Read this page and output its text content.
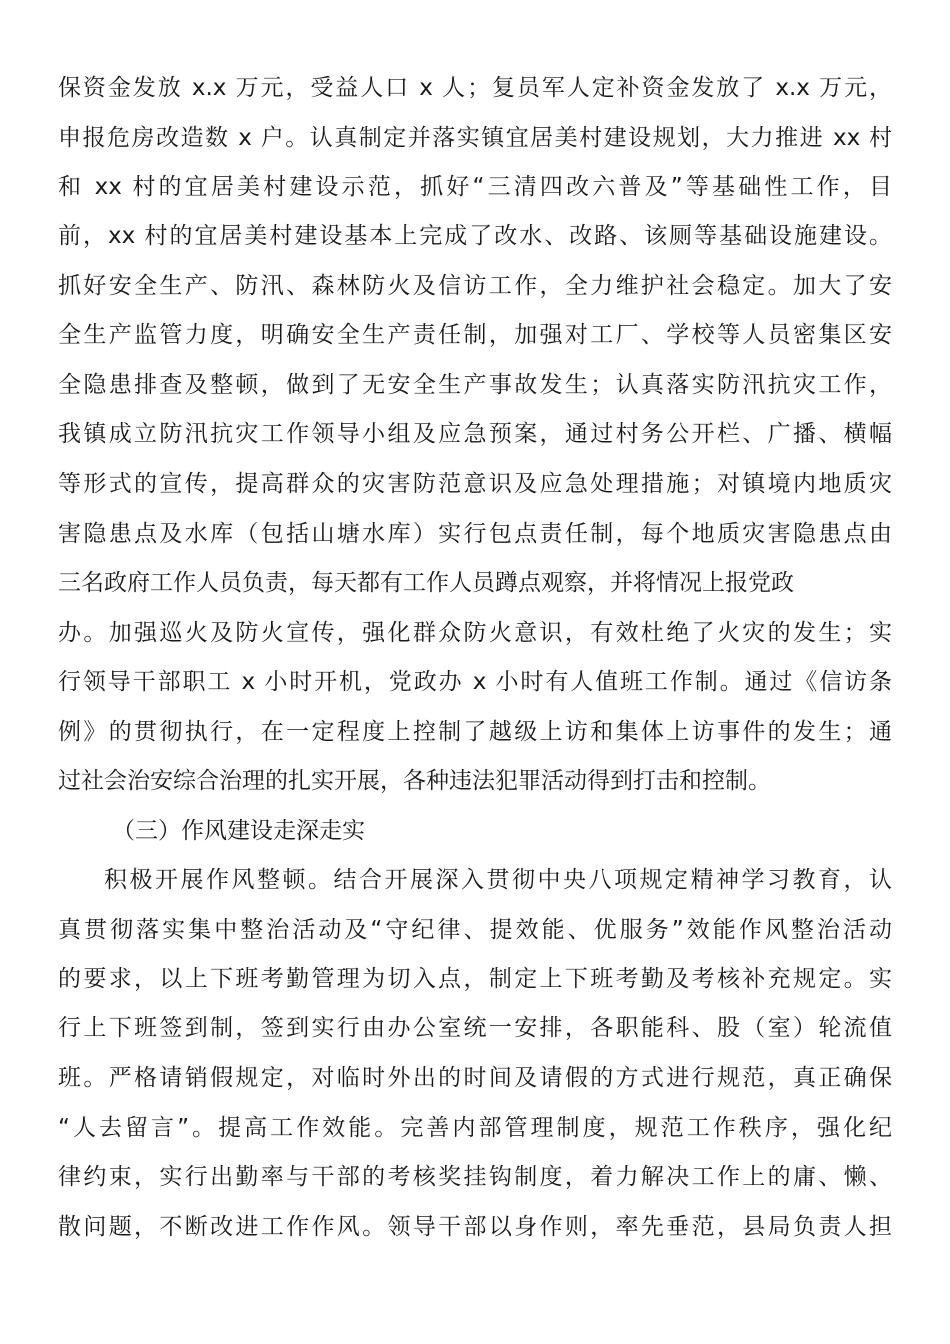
保资金发放 x.x 万元，受益人口 x 人；复员军人定补资金发放了 x.x 万元，
申报危房改造数 x 户。认真制定并落实镇宜居美村建设规划，大力推进 xx 村
和 xx 村的宜居美村建设示范，抓好“三清四改六普及”等基础性工作，目
前，xx 村的宜居美村建设基本上完成了改水、改路、该厕等基础设施建设。
抓好安全生产、防汛、森林防火及信访工作，全力维护社会稳定。加大了安
全生产监管力度，明确安全生产责任制，加强对工厂、学校等人员密集区安
全隐患排查及整顿，做到了无安全生产事故发生；认真落实防汛抗灾工作，
我镇成立防汛抗灾工作领导小组及应急预案，通过村务公开栏、广播、横幅
等形式的宣传，提高群众的灾害防范意识及应急处理措施；对镇境内地质灾
害隐患点及水库（包括山塘水库）实行包点责任制，每个地质灾害隐患点由
三名政府工作人员负责，每天都有工作人员蹲点观察，并将情况上报党政
办。加强巡火及防火宣传，强化群众防火意识，有效杜绝了火灾的发生；实
行领导干部职工 x 小时开机，党政办 x 小时有人值班工作制。通过《信访条
例》的贯彻执行，在一定程度上控制了越级上访和集体上访事件的发生；通
过社会治安综合治理的扎实开展，各种违法犯罪活动得到打击和控制。
（三）作风建设走深走实
积极开展作风整顿。结合开展深入贯彻中央八项规定精神学习教育，认
真贯彻落实集中整治活动及“守纪律、提效能、优服务”效能作风整治活动
的要求，以上下班考勤管理为切入点，制定上下班考勤及考核补充规定。实
行上下班签到制，签到实行由办公室统一安排，各职能科、股（室）轮流值
班。严格请销假规定，对临时外出的时间及请假的方式进行规范，真正确保
“人去留言”。提高工作效能。完善内部管理制度，规范工作秩序，强化纪
律约束，实行出勤率与干部的考核奖挂钩制度，着力解决工作上的庸、懒、
散问题，不断改进工作作风。领导干部以身作则，率先垂范，县局负责人担
